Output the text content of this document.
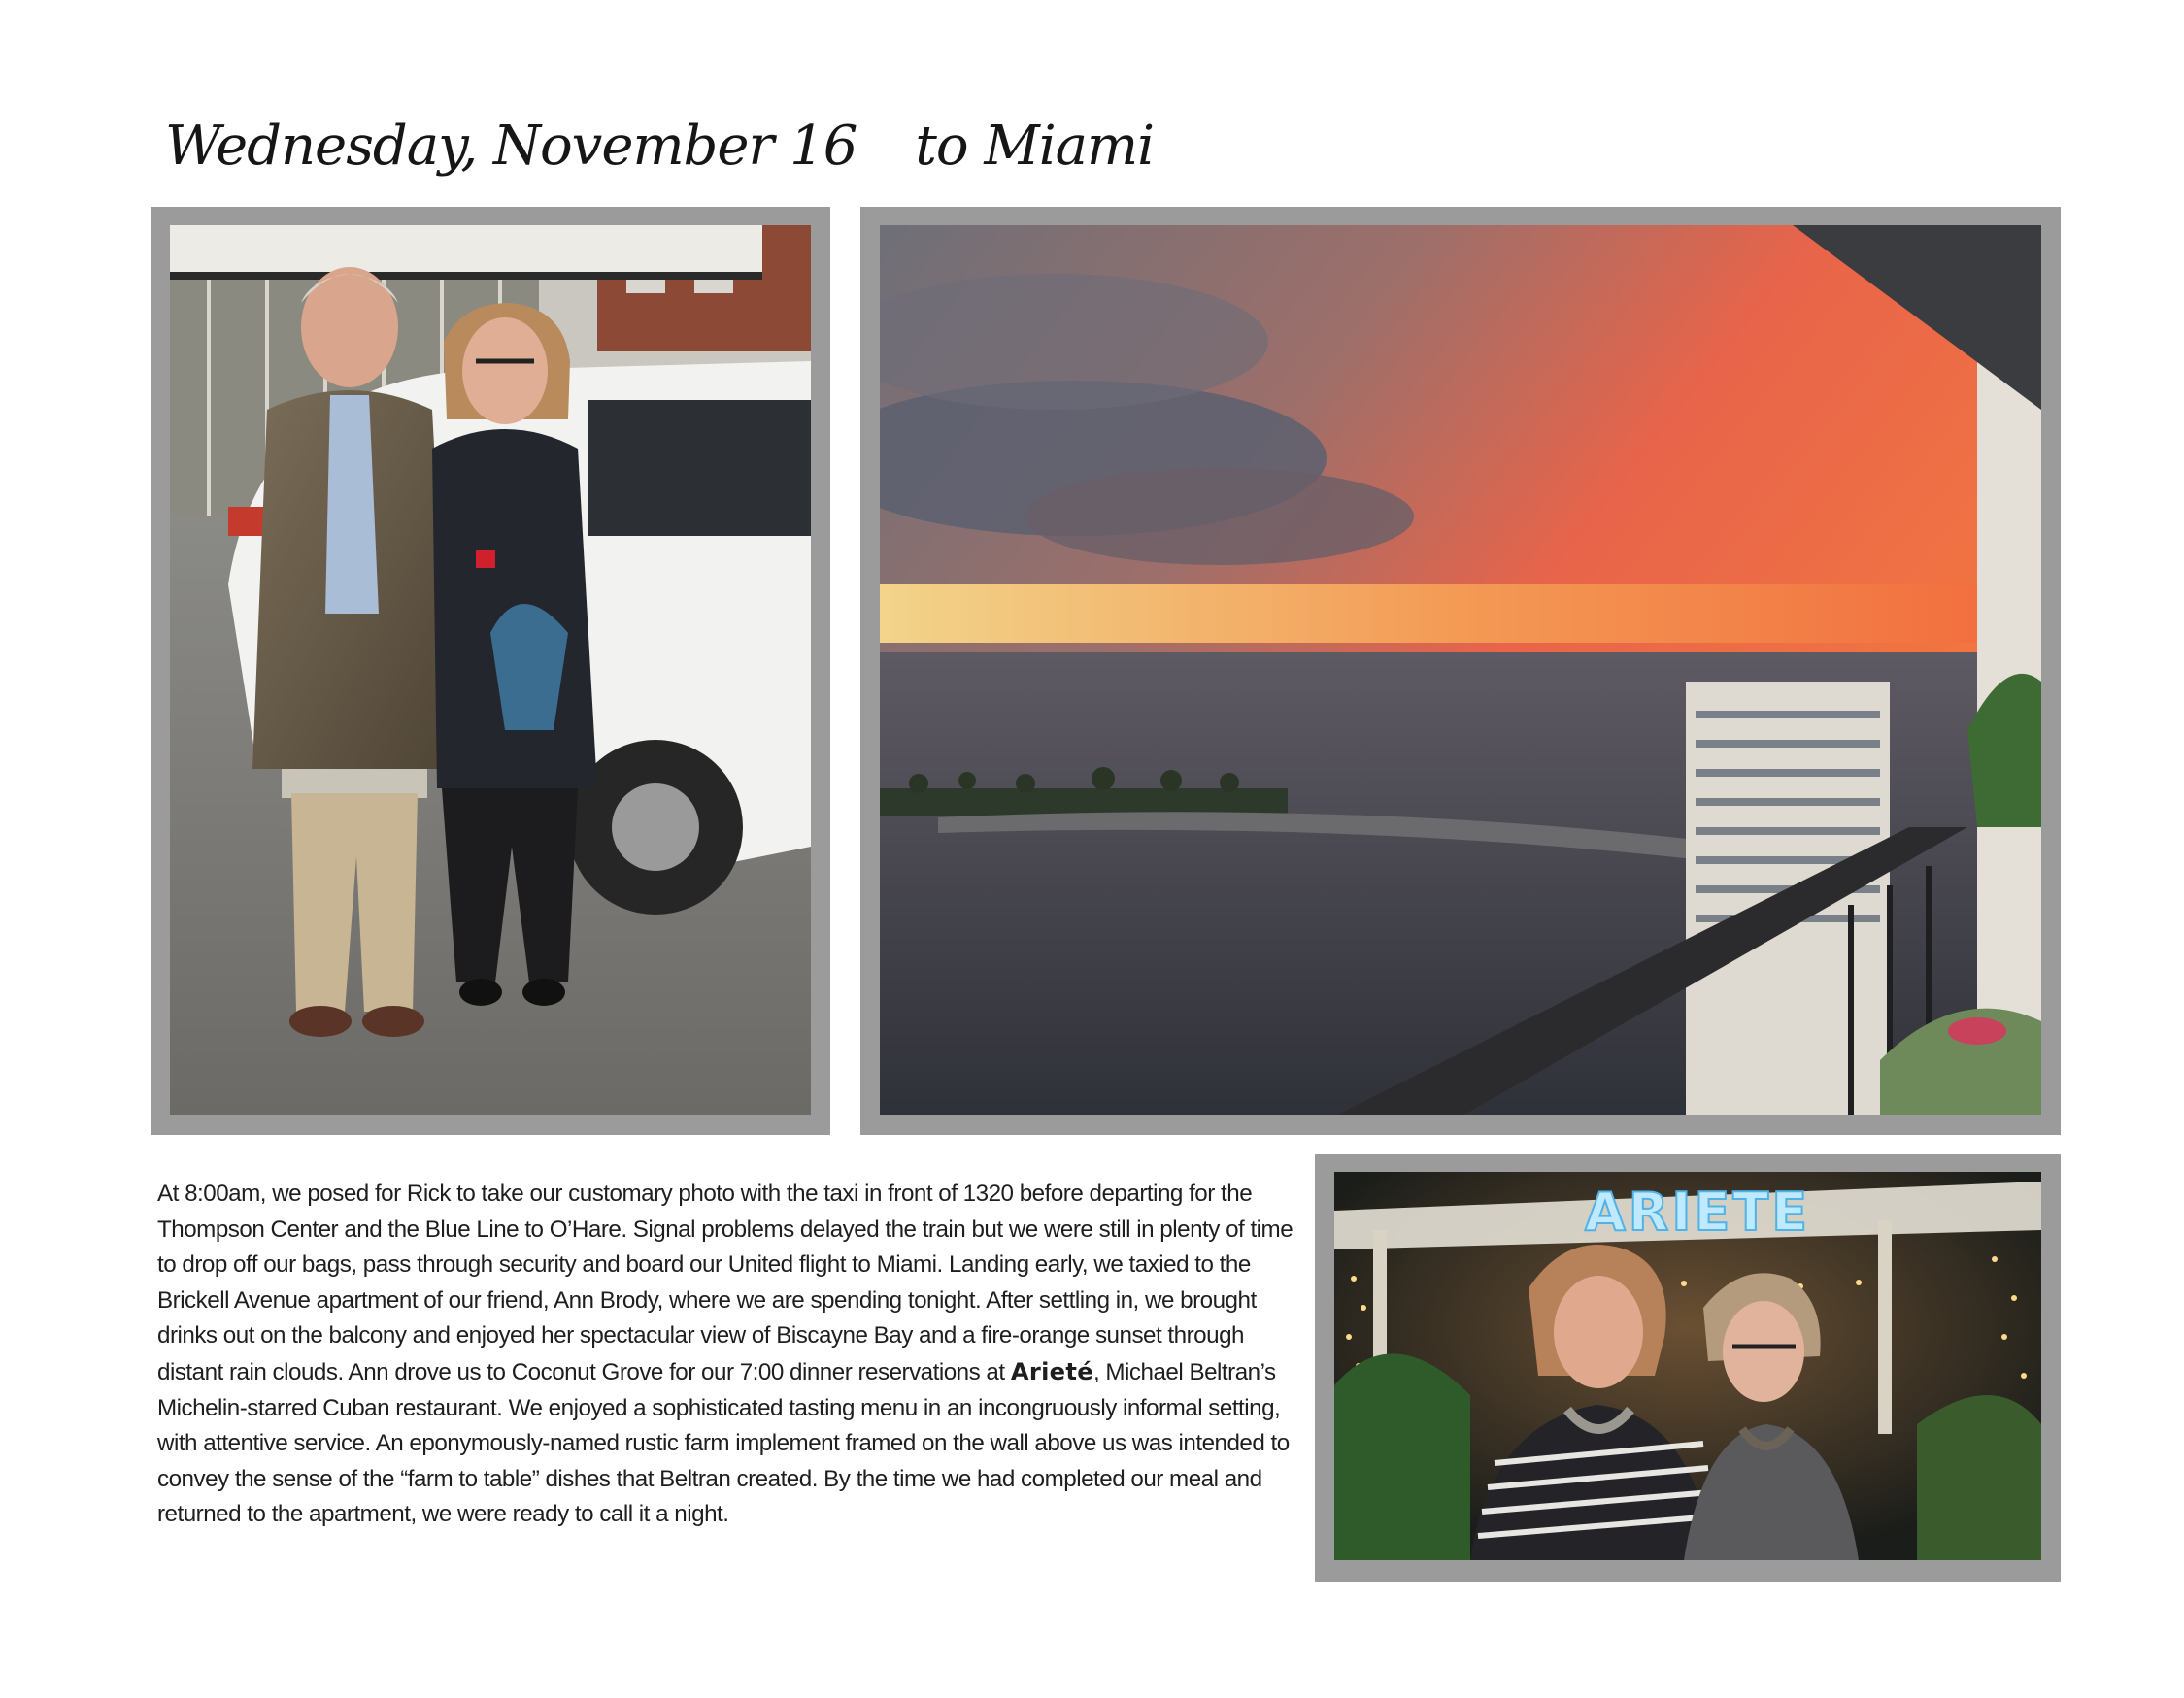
Wednesday, November 16 to Miami

At 8:00am, we posed for Rick to take our customary photo with the taxi in front of 1320 before departing for the Thompson Center and the Blue Line to O’Hare. Signal problems delayed the train but we were still in plenty of time to drop off our bags, pass through security and board our United flight to Miami. Landing early, we taxied to the Brickell Avenue apartment of our friend, Ann Brody, where we are spending tonight. After settling in, we brought drinks out on the balcony and enjoyed her spectacular view of Biscayne Bay and a fire-orange sunset through distant rain clouds. Ann drove us to Coconut Grove for our 7:00 dinner reservations at Arieté, Michael Beltran’s Michelin-starred Cuban restaurant. We enjoyed a sophisticated tasting menu in an incongruously informal setting, with attentive service. An eponymously-named rustic farm implement framed on the wall above us was intended to convey the sense of the “farm to table” dishes that Beltran created. By the time we had completed our meal and returned to the apartment, we were ready to call it a night.

ARIETE
